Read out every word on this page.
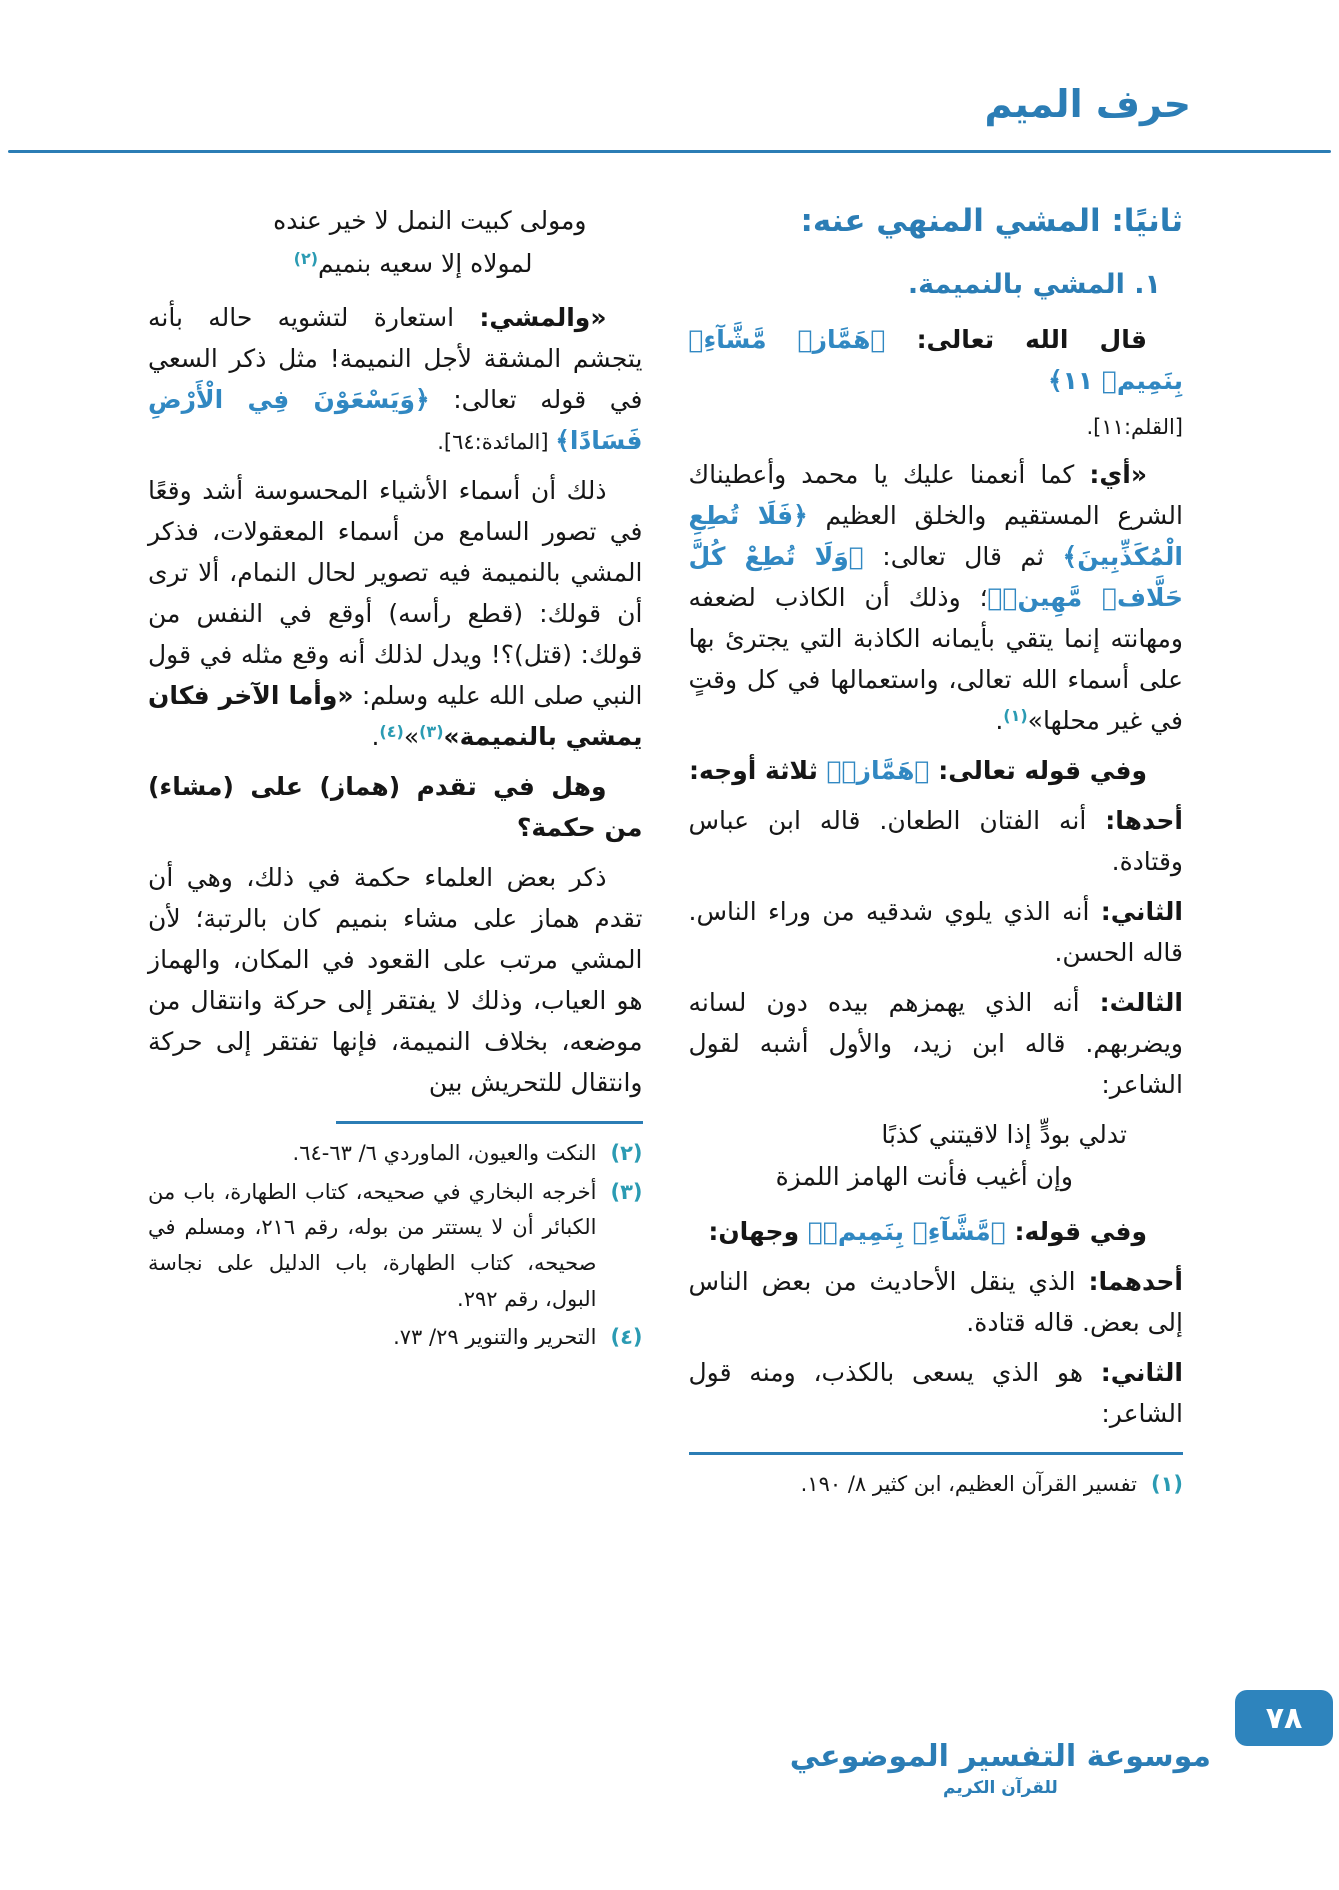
حرف الميم
ثانيًا: المشي المنهي عنه:
١. المشي بالنميمة.

قال الله تعالى: ﴿هَمَّازٖ مَّشَّآءِۭ بِنَمِيمٖ ١١﴾

[القلم:١١].

«أي: كما أنعمنا عليك يا محمد وأعطيناك الشرع المستقيم والخلق العظيم ﴿فَلَا تُطِعِ الْمُكَذِّبِينَ﴾ ثم قال تعالى: ﴿وَلَا تُطِعْ كُلَّ حَلَّافٖ مَّهِينٖ﴾؛ وذلك أن الكاذب لضعفه ومهانته إنما يتقي بأيمانه الكاذبة التي يجترئ بها على أسماء الله تعالى، واستعمالها في كل وقتٍ في غير محلها»$^{(١)}$.

وفي قوله تعالى: ﴿هَمَّازٖ﴾ ثلاثة أوجه:

أحدها: أنه الفتان الطعان. قاله ابن عباس وقتادة.

الثاني: أنه الذي يلوي شدقيه من وراء الناس. قاله الحسن.

الثالث: أنه الذي يهمزهم بيده دون لسانه ويضربهم. قاله ابن زيد، والأول أشبه لقول الشاعر:

تدلي بودٍّ إذا لاقيتني كذبًا
وإن أغيب فأنت الهامز اللمزة

وفي قوله: ﴿مَّشَّآءِۭ بِنَمِيمٖ﴾ وجهان:

أحدهما: الذي ينقل الأحاديث من بعض الناس إلى بعض. قاله قتادة.

الثاني: هو الذي يسعى بالكذب، ومنه قول الشاعر:

(١)
تفسير القرآن العظيم، ابن كثير ٨/ ١٩٠.
ومولى كبيت النمل لا خير عنده
لمولاه إلا سعيه بنميم$^{(٢)}$

«والمشي: استعارة لتشويه حاله بأنه يتجشم المشقة لأجل النميمة! مثل ذكر السعي في قوله تعالى: ﴿وَيَسْعَوْنَ فِي الْأَرْضِ فَسَادًا﴾ [المائدة:٦٤].

ذلك أن أسماء الأشياء المحسوسة أشد وقعًا في تصور السامع من أسماء المعقولات، فذكر المشي بالنميمة فيه تصوير لحال النمام، ألا ترى أن قولك: (قطع رأسه) أوقع في النفس من قولك: (قتل)؟! ويدل لذلك أنه وقع مثله في قول النبي صلى الله عليه وسلم: «وأما الآخر فكان يمشي بالنميمة»$^{(٣)}$»$^{(٤)}$.

وهل في تقدم (هماز) على (مشاء) من حكمة؟

ذكر بعض العلماء حكمة في ذلك، وهي أن تقدم هماز على مشاء بنميم كان بالرتبة؛ لأن المشي مرتب على القعود في المكان، والهماز هو العياب، وذلك لا يفتقر إلى حركة وانتقال من موضعه، بخلاف النميمة، فإنها تفتقر إلى حركة وانتقال للتحريش بين

(٢)
النكت والعيون، الماوردي ٦/ ٦٣-٦٤.
(٣)
أخرجه البخاري في صحيحه، كتاب الطهارة، باب من الكبائر أن لا يستتر من بوله، رقم ٢١٦، ومسلم في صحيحه، كتاب الطهارة، باب الدليل على نجاسة البول، رقم ٢٩٢.
(٤)
التحرير والتنوير ٢٩/ ٧٣.
موسوعة التفسير الموضوعي
للقرآن الكريم
٧٨
